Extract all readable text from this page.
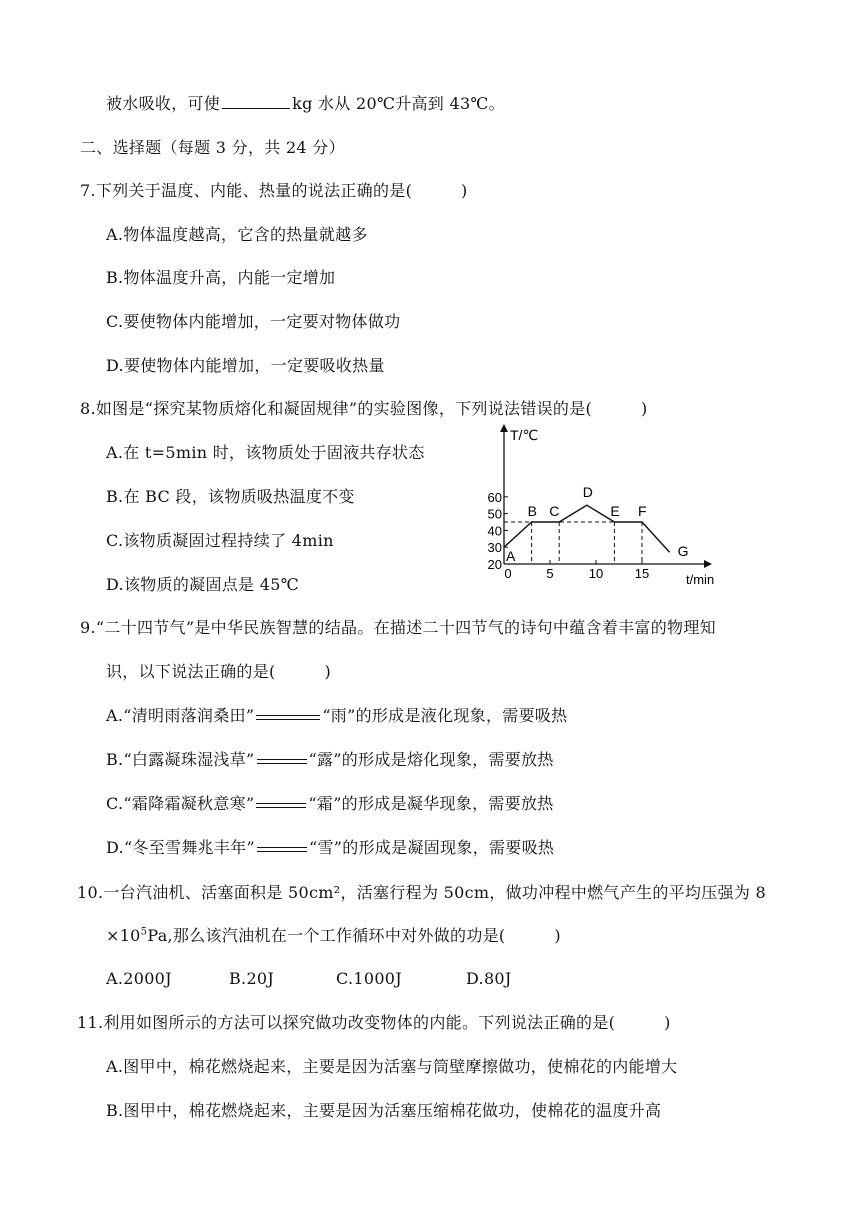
被水吸收，可使	kg 水从 20℃升高到 43℃。
二、选择题（每题 3 分，共 24 分）
7.下列关于温度、内能、热量的说法正确的是(　　　)
A.物体温度越高，它含的热量就越多
B.物体温度升高，内能一定增加
C.要使物体内能增加，一定要对物体做功
D.要使物体内能增加，一定要吸收热量
8.如图是“探究某物质熔化和凝固规律”的实验图像，下列说法错误的是(　　　)
A.在 t=5min 时，该物质处于固液共存状态
B.在 BC 段，该物质吸热温度不变
C.该物质凝固过程持续了 4min
D.该物质的凝固点是 45℃
T/℃
t/min
20
30
40
50
60
0	5	10 15
A
B C
D
E F
G
9.“二十四节气”是中华民族智慧的结晶。在描述二十四节气的诗句中蕴含着丰富的物理知
识，以下说法正确的是(　　　)
A.“清明雨落润桑田”	“雨”的形成是液化现象，需要吸热
B.“白露凝珠湿浅草”	“露”的形成是熔化现象，需要放热
C.“霜降霜凝秋意寒”	“霜”的形成是凝华现象，需要放热
D.“冬至雪舞兆丰年”	“雪”的形成是凝固现象，需要吸热
10.一台汽油机、活塞面积是 50cm²，活塞行程为 50cm，做功冲程中燃气产生的平均压强为 8
$\times 10^5Pa$,那么该汽油机在一个工作循环中对外做的功是(　　　)
A.2000J	B.20J	C.1000J	D.80J
11.利用如图所示的方法可以探究做功改变物体的内能。下列说法正确的是(　　　)
A.图甲中，棉花燃烧起来，主要是因为活塞与筒壁摩擦做功，使棉花的内能增大
B.图甲中，棉花燃烧起来，主要是因为活塞压缩棉花做功，使棉花的温度升高
